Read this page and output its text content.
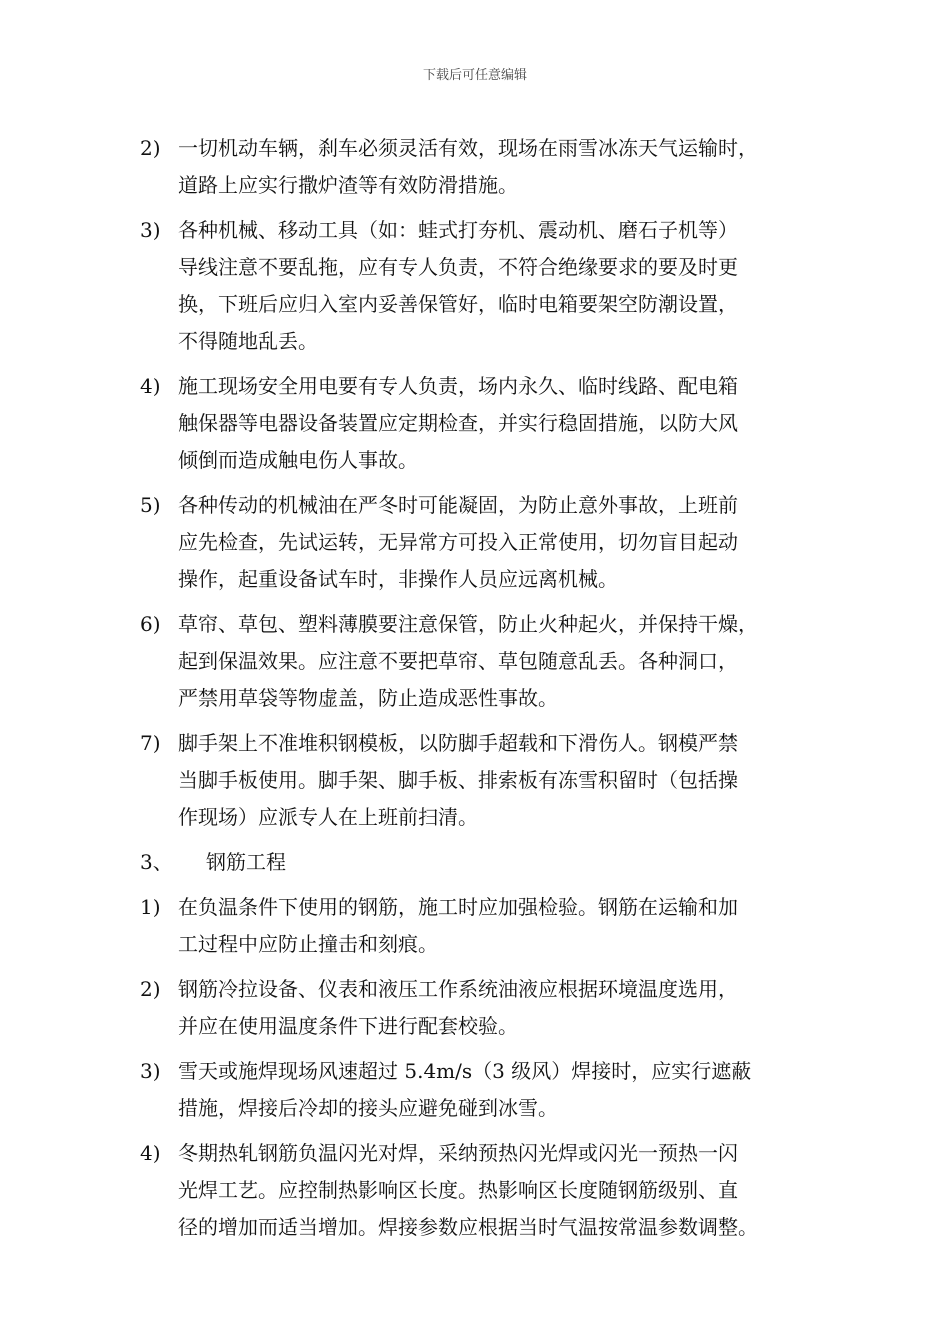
下载后可任意编辑
2) 一切机动车辆，刹车必须灵活有效，现场在雨雪冰冻天气运输时，
道路上应实行撒炉渣等有效防滑措施。
3) 各种机械、移动工具（如：蛙式打夯机、震动机、磨石子机等）
导线注意不要乱拖，应有专人负责，不符合绝缘要求的要及时更
换，下班后应归入室内妥善保管好，临时电箱要架空防潮设置，
不得随地乱丢。
4) 施工现场安全用电要有专人负责，场内永久、临时线路、配电箱
触保器等电器设备装置应定期检查，并实行稳固措施，以防大风
倾倒而造成触电伤人事故。
5) 各种传动的机械油在严冬时可能凝固，为防止意外事故，上班前
应先检查，先试运转，无异常方可投入正常使用，切勿盲目起动
操作，起重设备试车时，非操作人员应远离机械。
6) 草帘、草包、塑料薄膜要注意保管，防止火种起火，并保持干燥，
起到保温效果。应注意不要把草帘、草包随意乱丢。各种洞口，
严禁用草袋等物虚盖，防止造成恶性事故。
7) 脚手架上不准堆积钢模板，以防脚手超载和下滑伤人。钢模严禁
当脚手板使用。脚手架、脚手板、排索板有冻雪积留时（包括操
作现场）应派专人在上班前扫清。
3、 钢筋工程
1) 在负温条件下使用的钢筋，施工时应加强检验。钢筋在运输和加
工过程中应防止撞击和刻痕。
2) 钢筋冷拉设备、仪表和液压工作系统油液应根据环境温度选用，
并应在使用温度条件下进行配套校验。
3) 雪天或施焊现场风速超过 5.4m/s（3 级风）焊接时，应实行遮蔽
措施，焊接后冷却的接头应避免碰到冰雪。
4) 冬期热轧钢筋负温闪光对焊，采纳预热闪光焊或闪光一预热一闪
光焊工艺。应控制热影响区长度。热影响区长度随钢筋级别、直
径的增加而适当增加。焊接参数应根据当时气温按常温参数调整。
